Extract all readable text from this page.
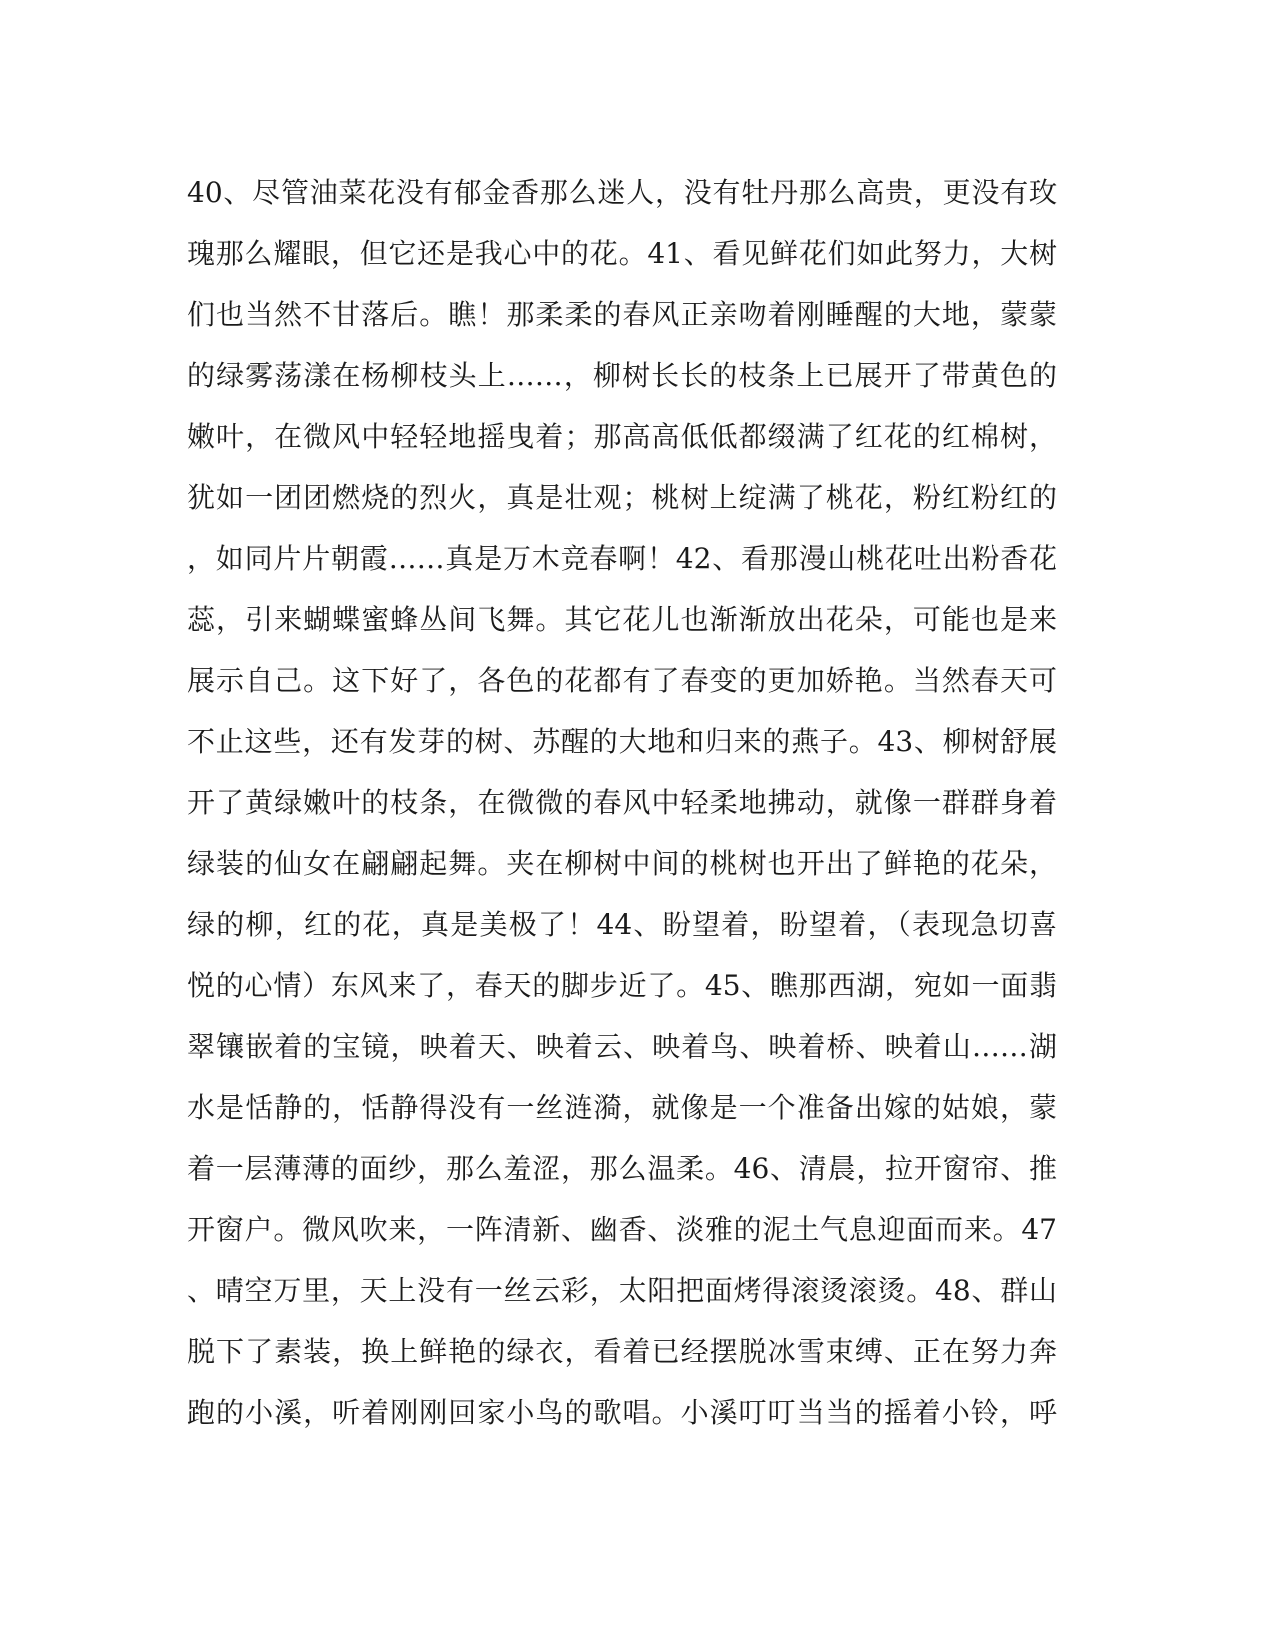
40、尽管油菜花没有郁金香那么迷人，没有牡丹那么高贵，更没有玫
瑰那么耀眼，但它还是我心中的花。41、看见鲜花们如此努力，大树
们也当然不甘落后。瞧！那柔柔的春风正亲吻着刚睡醒的大地，蒙蒙
的绿雾荡漾在杨柳枝头上……，柳树长长的枝条上已展开了带黄色的
嫩叶，在微风中轻轻地摇曳着；那高高低低都缀满了红花的红棉树，
犹如一团团燃烧的烈火，真是壮观；桃树上绽满了桃花，粉红粉红的
，如同片片朝霞……真是万木竞春啊！42、看那漫山桃花吐出粉香花
蕊，引来蝴蝶蜜蜂丛间飞舞。其它花儿也渐渐放出花朵，可能也是来
展示自己。这下好了，各色的花都有了春变的更加娇艳。当然春天可
不止这些，还有发芽的树、苏醒的大地和归来的燕子。43、柳树舒展
开了黄绿嫩叶的枝条，在微微的春风中轻柔地拂动，就像一群群身着
绿装的仙女在翩翩起舞。夹在柳树中间的桃树也开出了鲜艳的花朵，
绿的柳，红的花，真是美极了！44、盼望着，盼望着，（表现急切喜
悦的心情）东风来了，春天的脚步近了。45、瞧那西湖，宛如一面翡
翠镶嵌着的宝镜，映着天、映着云、映着鸟、映着桥、映着山……湖
水是恬静的，恬静得没有一丝涟漪，就像是一个准备出嫁的姑娘，蒙
着一层薄薄的面纱，那么羞涩，那么温柔。46、清晨，拉开窗帘、推
开窗户。微风吹来，一阵清新、幽香、淡雅的泥土气息迎面而来。47
、晴空万里，天上没有一丝云彩，太阳把面烤得滚烫滚烫。48、群山
脱下了素装，换上鲜艳的绿衣，看着已经摆脱冰雪束缚、正在努力奔
跑的小溪，听着刚刚回家小鸟的歌唱。小溪叮叮当当的摇着小铃，呼
